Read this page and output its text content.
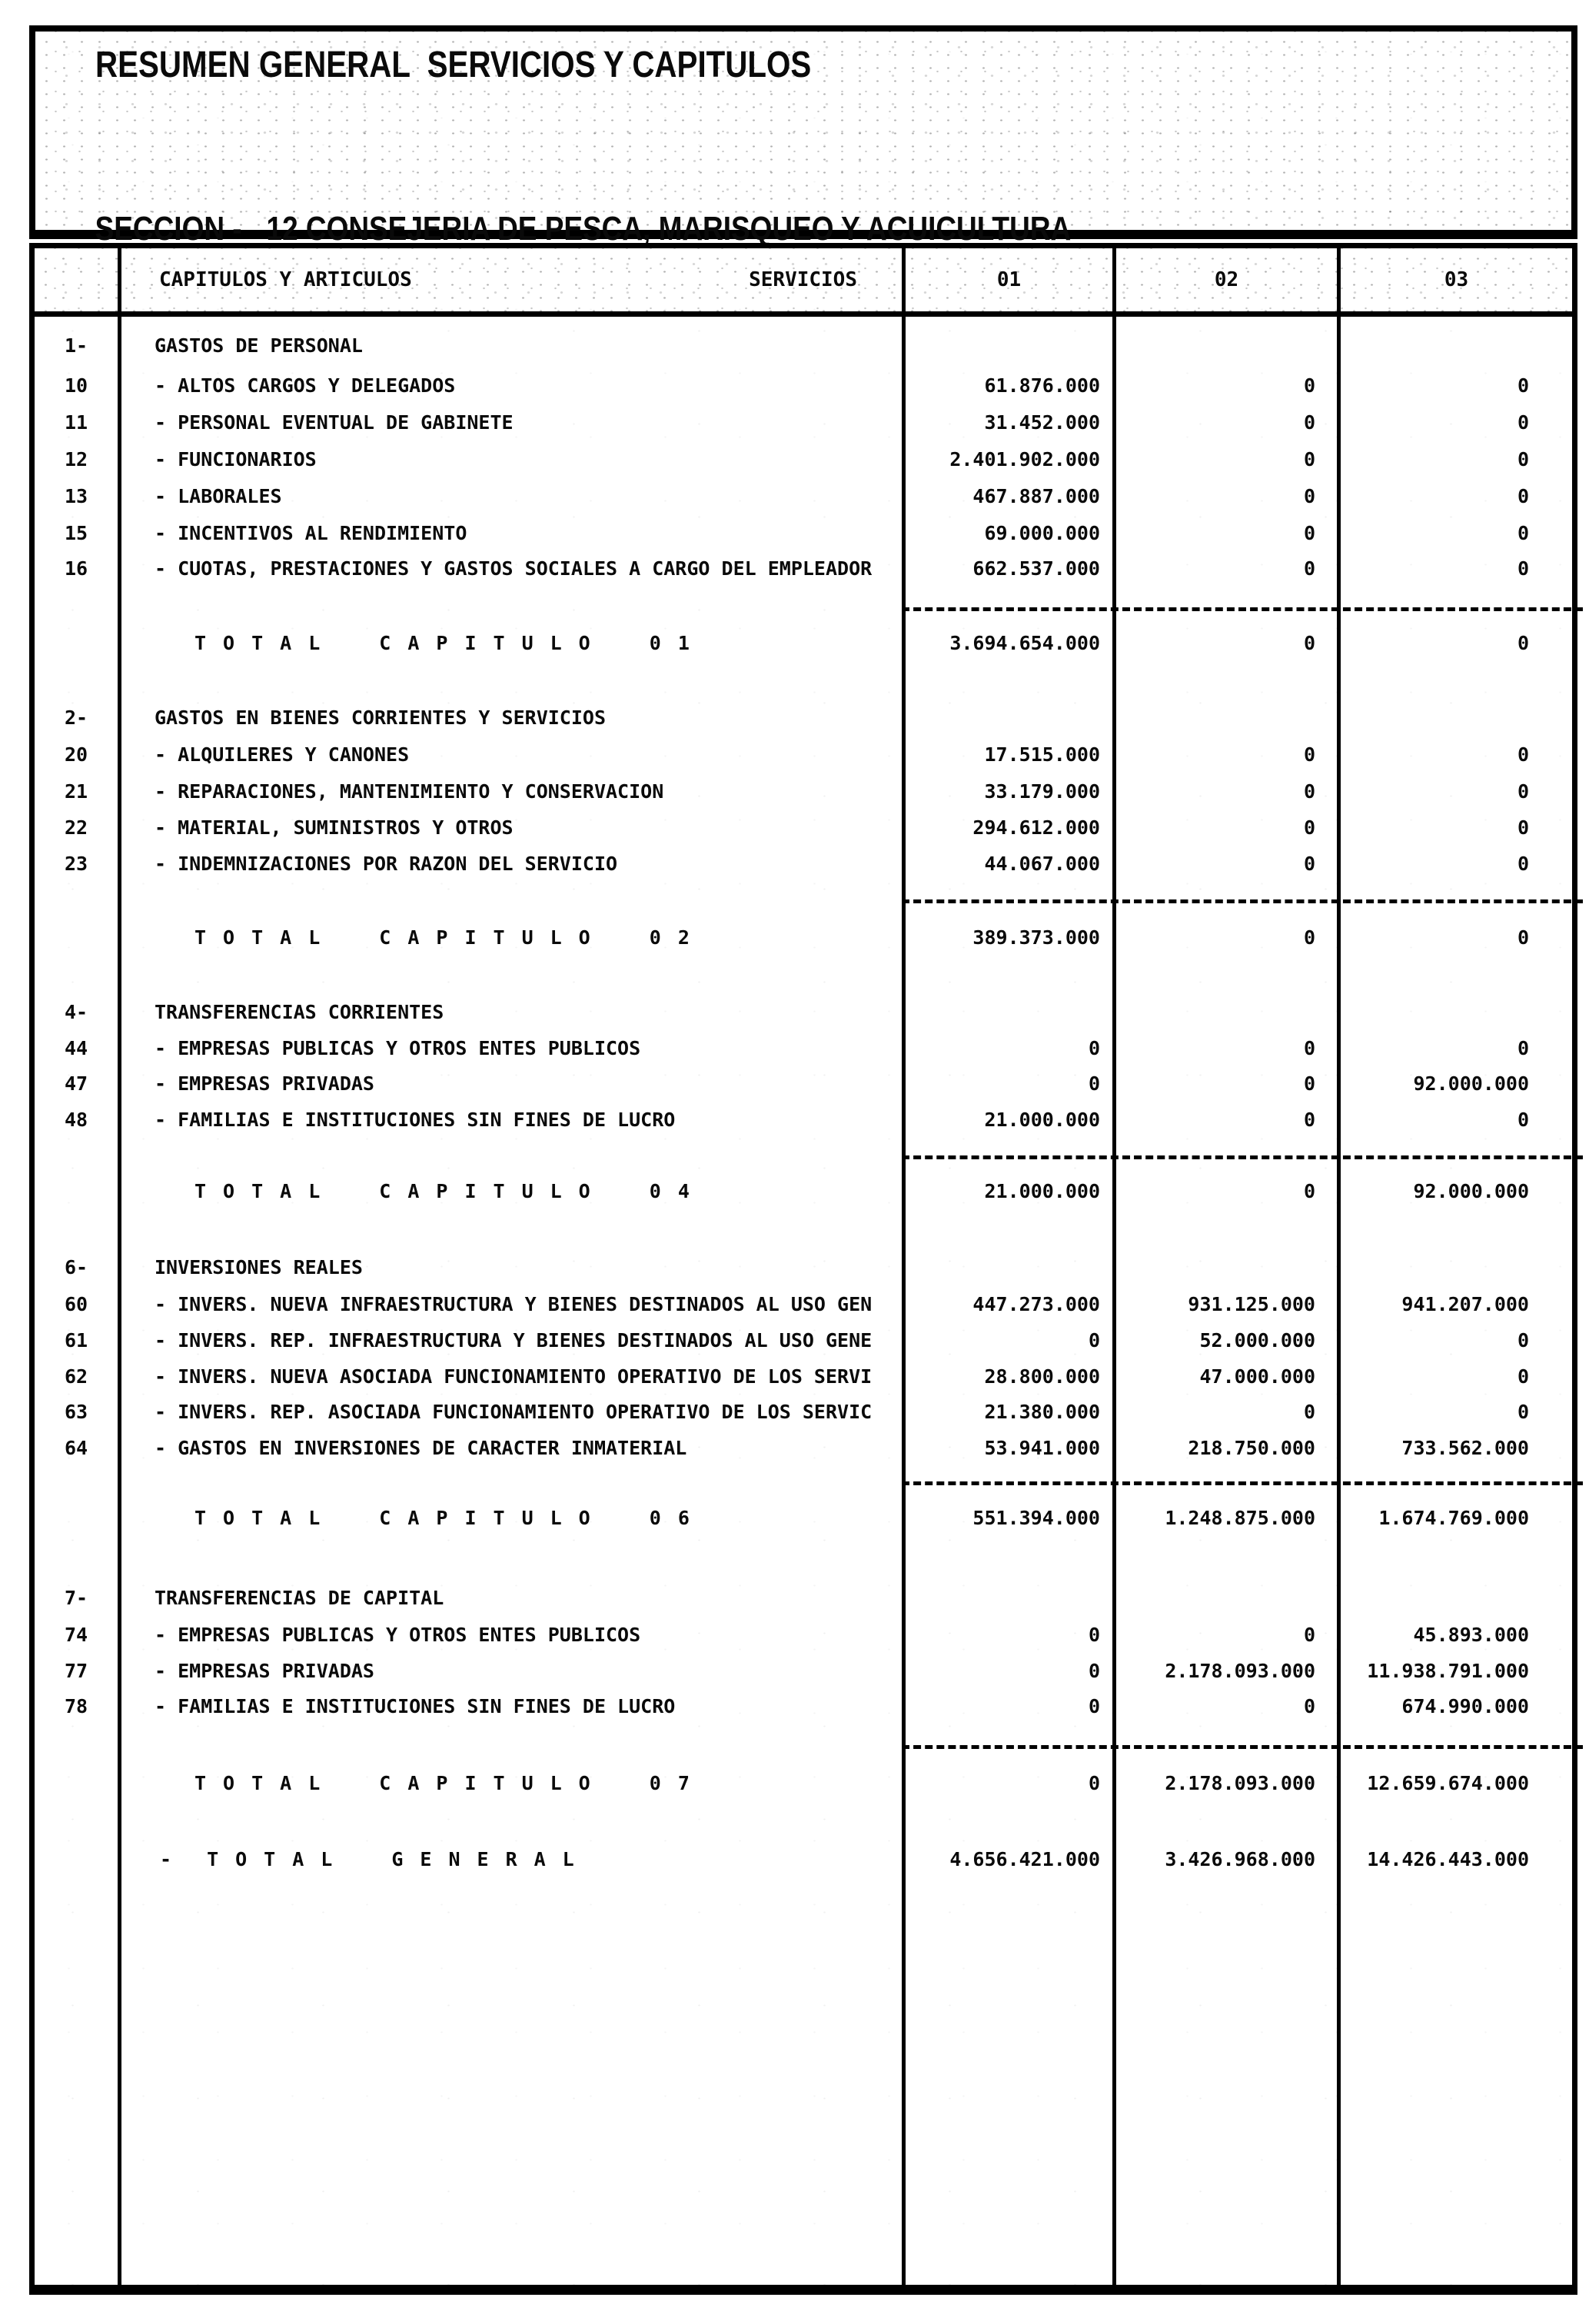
RESUMEN GENERAL  SERVICIOS Y CAPITULOS

SECCION - 12 CONSEJERIA DE PESCA, MARISQUEO Y ACUICULTURA

SERVICIOS
CAPITULOS Y ARTICULOS	01	02	03
1-	GASTOS DE PERSONAL
10	- ALTOS CARGOS Y DELEGADOS	61.876.000	0	0
11	- PERSONAL EVENTUAL DE GABINETE	31.452.000	0	0
12	- FUNCIONARIOS	2.401.902.000	0	0
13	- LABORALES	467.887.000	0	0
15	- INCENTIVOS AL RENDIMIENTO	69.000.000	0	0
16	- CUOTAS, PRESTACIONES Y GASTOS SOCIALES A CARGO DEL EMPLEADOR	662.537.000	0	0
TOTAL CAPITULO 01	3.694.654.000	0	0
2-	GASTOS EN BIENES CORRIENTES Y SERVICIOS
20	- ALQUILERES Y CANONES	17.515.000	0	0
21	- REPARACIONES, MANTENIMIENTO Y CONSERVACION	33.179.000	0	0
22	- MATERIAL, SUMINISTROS Y OTROS	294.612.000	0	0
23	- INDEMNIZACIONES POR RAZON DEL SERVICIO	44.067.000	0	0
TOTAL CAPITULO 02	389.373.000	0	0
4-	TRANSFERENCIAS CORRIENTES
44	- EMPRESAS PUBLICAS Y OTROS ENTES PUBLICOS	0	0	0
47	- EMPRESAS PRIVADAS	0	0	92.000.000
48	- FAMILIAS E INSTITUCIONES SIN FINES DE LUCRO	21.000.000	0	0
TOTAL CAPITULO 04	21.000.000	0	92.000.000
6-	INVERSIONES REALES
60	- INVERS. NUEVA INFRAESTRUCTURA Y BIENES DESTINADOS AL USO GEN	447.273.000	931.125.000	941.207.000
61	- INVERS. REP. INFRAESTRUCTURA Y BIENES DESTINADOS AL USO GENE	0	52.000.000	0
62	- INVERS. NUEVA ASOCIADA FUNCIONAMIENTO OPERATIVO DE LOS SERVI	28.800.000	47.000.000	0
63	- INVERS. REP. ASOCIADA FUNCIONAMIENTO OPERATIVO DE LOS SERVIC	21.380.000	0	0
64	- GASTOS EN INVERSIONES DE CARACTER INMATERIAL	53.941.000	218.750.000	733.562.000
TOTAL CAPITULO 06	551.394.000	1.248.875.000	1.674.769.000
7-	TRANSFERENCIAS DE CAPITAL
74	- EMPRESAS PUBLICAS Y OTROS ENTES PUBLICOS	0	0	45.893.000
77	- EMPRESAS PRIVADAS	0	2.178.093.000	11.938.791.000
78	- FAMILIAS E INSTITUCIONES SIN FINES DE LUCRO	0	0	674.990.000
TOTAL CAPITULO 07	0	2.178.093.000	12.659.674.000
- TOTAL GENERAL	4.656.421.000	3.426.968.000	14.426.443.000
